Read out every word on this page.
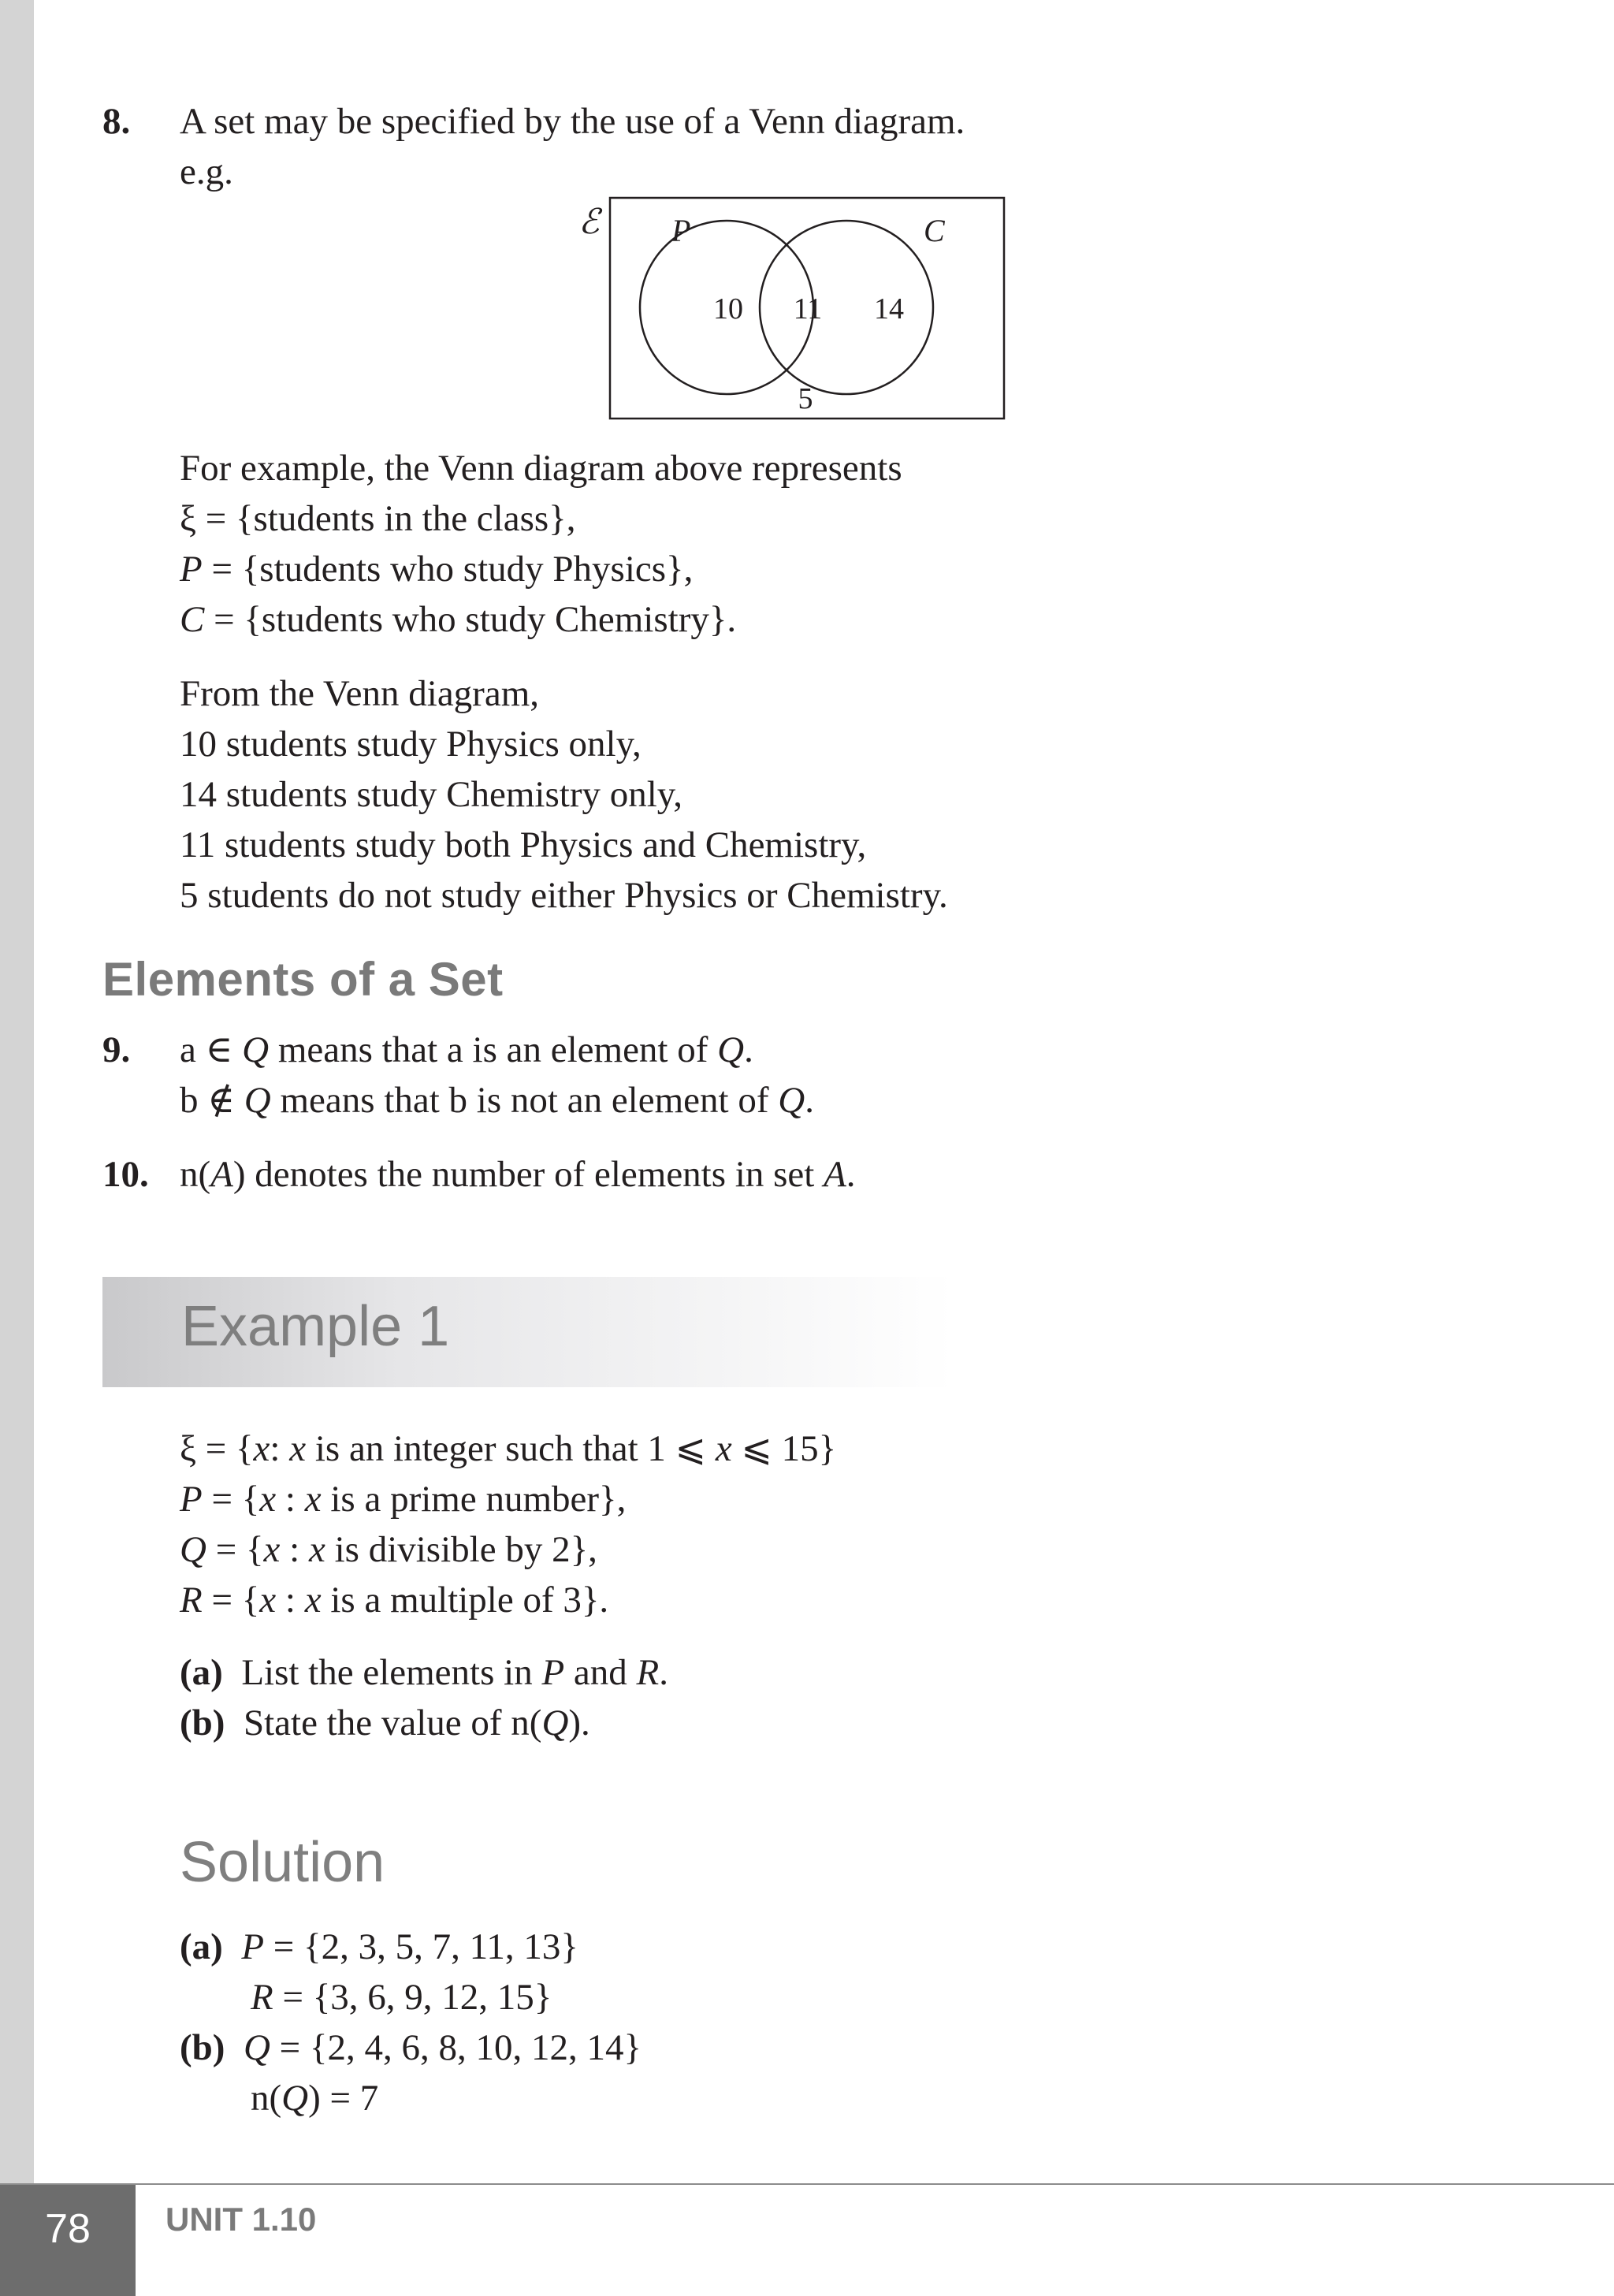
8. A set may be specified by the use of a Venn diagram.
e.g.
ℰ P	C
10 11 14
5
For example, the Venn diagram above represents
ξ = {students in the class},
P = {students who study Physics},
C = {students who study Chemistry}.
From the Venn diagram,
10 students study Physics only,
14 students study Chemistry only,
11 students study both Physics and Chemistry,
5 students do not study either Physics or Chemistry.
Elements of a Set
9. a ∈ Q means that a is an element of Q.
b ∉ Q means that b is not an element of Q.
10. n(A) denotes the number of elements in set A.
Example 1
ξ = {x: x is an integer such that 1 ⩽ x ⩽ 15}
P = {x : x is a prime number},
Q = {x : x is divisible by 2},
R = {x : x is a multiple of 3}.
(a)  List the elements in P and R.
(b)  State the value of n(Q).
Solution
(a) P = {2, 3, 5, 7, 11, 13}
R = {3, 6, 9, 12, 15}
(b) Q = {2, 4, 6, 8, 10, 12, 14}
n(Q) = 7
78	UNIT 1.10
